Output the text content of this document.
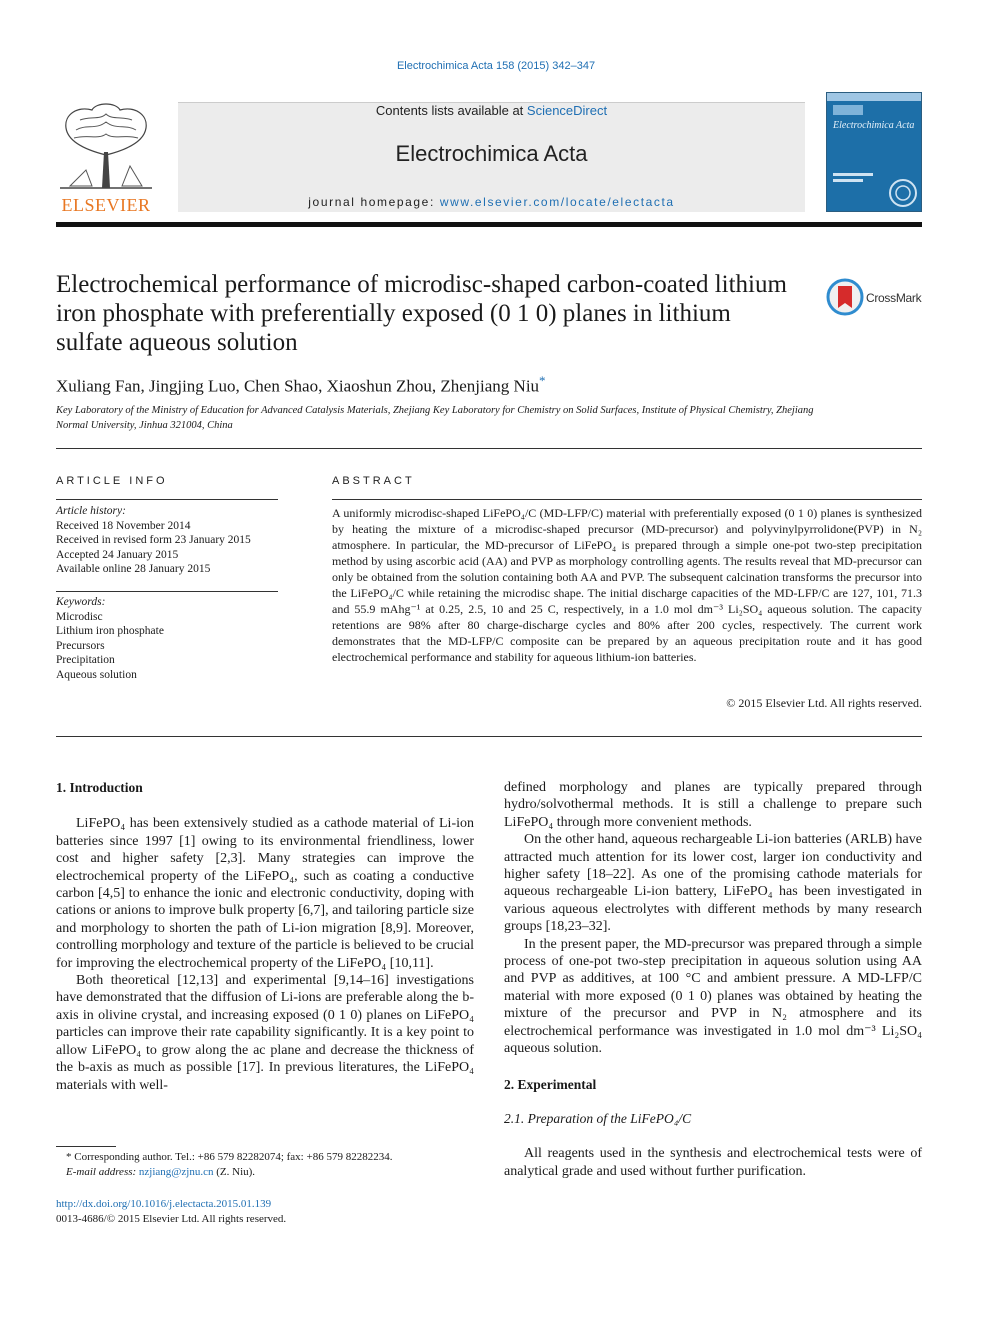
Electrochimica Acta 158 (2015) 342–347
ELSEVIER
Contents lists available at ScienceDirect
Electrochimica Acta
journal homepage: www.elsevier.com/locate/electacta
Electrochimica Acta
Electrochemical performance of microdisc-shaped carbon-coated lithium iron phosphate with preferentially exposed (0 1 0) planes in lithium sulfate aqueous solution
CrossMark
Xuliang Fan, Jingjing Luo, Chen Shao, Xiaoshun Zhou, Zhenjiang Niu*
Key Laboratory of the Ministry of Education for Advanced Catalysis Materials, Zhejiang Key Laboratory for Chemistry on Solid Surfaces, Institute of Physical Chemistry, Zhejiang Normal University, Jinhua 321004, China
ARTICLE INFO
Article history:
Received 18 November 2014
Received in revised form 23 January 2015
Accepted 24 January 2015
Available online 28 January 2015
Keywords:
Microdisc
Lithium iron phosphate
Precursors
Precipitation
Aqueous solution
ABSTRACT
A uniformly microdisc-shaped LiFePO₄/C (MD-LFP/C) material with preferentially exposed (0 1 0) planes is synthesized by heating the mixture of a microdisc-shaped precursor (MD-precursor) and polyvinylpyrrolidone(PVP) in N₂ atmosphere. In particular, the MD-precursor of LiFePO₄ is prepared through a simple one-pot two-step precipitation method by using ascorbic acid (AA) and PVP as morphology controlling agents. The results reveal that MD-precursor can only be obtained from the solution containing both AA and PVP. The subsequent calcination transforms the precursor into the LiFePO₄/C while retaining the microdisc shape. The initial discharge capacities of the MD-LFP/C are 127, 101, 71.3 and 55.9 mAhg⁻¹ at 0.25, 2.5, 10 and 25 C, respectively, in a 1.0 mol dm⁻³ Li₂SO₄ aqueous solution. The capacity retentions are 98% after 80 charge-discharge cycles and 80% after 200 cycles, respectively. The current work demonstrates that the MD-LFP/C composite can be prepared by an aqueous precipitation route and it has good electrochemical performance and stability for aqueous lithium-ion batteries.
© 2015 Elsevier Ltd. All rights reserved.
1. Introduction

LiFePO₄ has been extensively studied as a cathode material of Li-ion batteries since 1997 [1] owing to its environmental friendliness, lower cost and higher safety [2,3]. Many strategies can improve the electrochemical property of the LiFePO₄, such as coating a conductive carbon [4,5] to enhance the ionic and electronic conductivity, doping with cations or anions to improve bulk property [6,7], and tailoring particle size and morphology to shorten the path of Li-ion migration [8,9]. Moreover, controlling morphology and texture of the particle is believed to be crucial for improving the electrochemical property of the LiFePO₄ [10,11].

Both theoretical [12,13] and experimental [9,14–16] investigations have demonstrated that the diffusion of Li-ions are preferable along the b-axis in olivine crystal, and increasing exposed (0 1 0) planes on LiFePO₄ particles can improve their rate capability significantly. It is a key point to allow LiFePO₄ to grow along the ac plane and decrease the thickness of the b-axis as much as possible [17]. In previous literatures, the LiFePO₄ materials with well-

defined morphology and planes are typically prepared through hydro/solvothermal methods. It is still a challenge to prepare such LiFePO₄ through more convenient methods.

On the other hand, aqueous rechargeable Li-ion batteries (ARLB) have attracted much attention for its lower cost, larger ion conductivity and higher safety [18–22]. As one of the promising cathode materials for aqueous rechargeable Li-ion battery, LiFePO₄ has been investigated in various aqueous electrolytes with different methods by many research groups [18,23–32].

In the present paper, the MD-precursor was prepared through a simple process of one-pot two-step precipitation in aqueous solution using AA and PVP as additives, at 100 °C and ambient pressure. A MD-LFP/C material with more exposed (0 1 0) planes was obtained by heating the mixture of the precursor and PVP in N₂ atmosphere and its electrochemical performance was investigated in 1.0 mol dm⁻³ Li₂SO₄ aqueous solution.

2. Experimental
2.1. Preparation of the LiFePO₄/C

All reagents used in the synthesis and electrochemical tests were of analytical grade and used without further purification.

* Corresponding author. Tel.: +86 579 82282074; fax: +86 579 82282234.
E-mail address: nzjiang@zjnu.cn (Z. Niu).
http://dx.doi.org/10.1016/j.electacta.2015.01.139
0013-4686/© 2015 Elsevier Ltd. All rights reserved.
